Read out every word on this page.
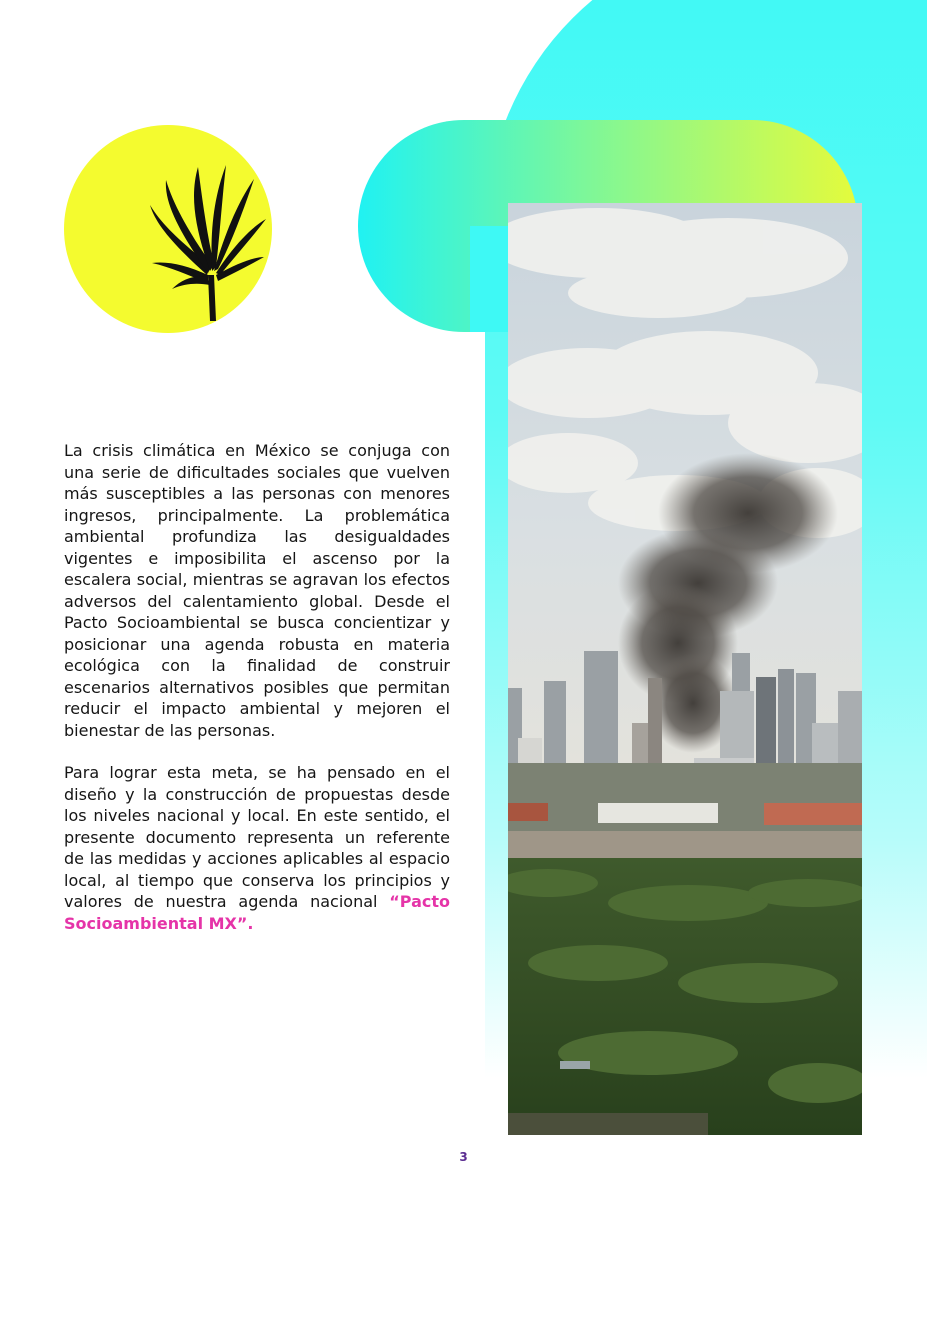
La crisis climática en México se conjuga con una serie de dificultades sociales que vuelven más susceptibles a las personas con menores ingresos, principalmente. La problemática ambiental profundiza las desigualdades vigentes e imposibilita el ascenso por la escalera social, mientras se agravan los efectos adversos del calentamiento global. Desde el Pacto Socioambiental se busca concientizar y posicionar una agenda robusta en materia ecológica con la finalidad de construir escenarios alternativos posibles que permitan reducir el impacto ambiental y mejoren el bienestar de las personas.

Para lograr esta meta, se ha pensado en el diseño y la construcción de propuestas desde los niveles nacional y local. En este sentido, el presente documento representa un referente de las medidas y acciones aplicables al espacio local, al tiempo que conserva los principios y valores de nuestra agenda nacional “Pacto Socioambiental MX”.

3
